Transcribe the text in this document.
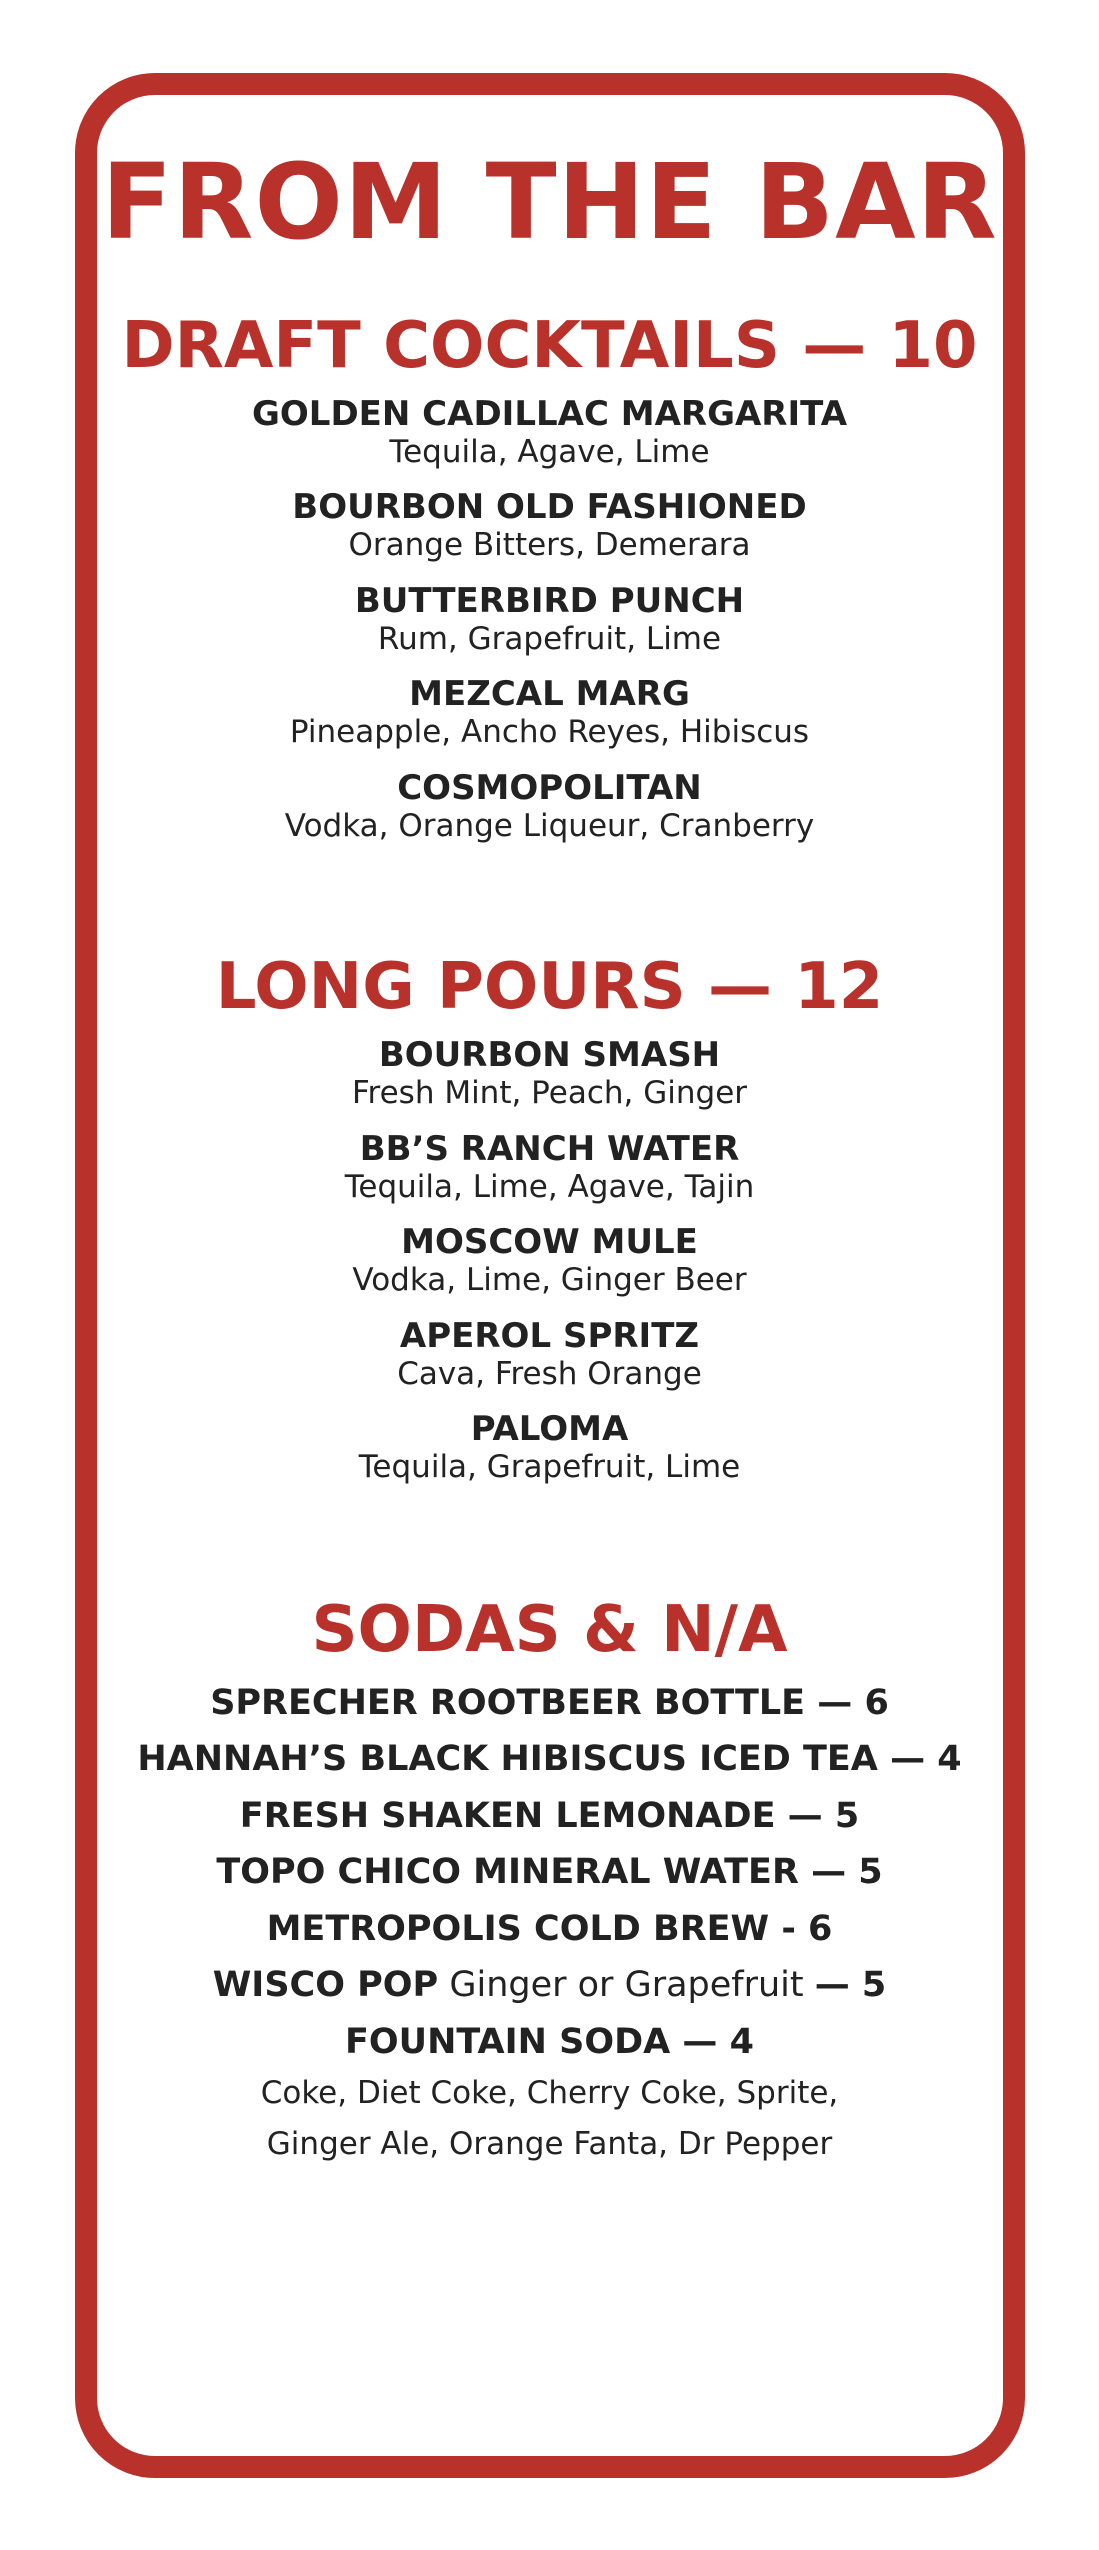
FROM THE BAR
DRAFT COCKTAILS — 10
GOLDEN CADILLAC MARGARITA
Tequila, Agave, Lime
BOURBON OLD FASHIONED
Orange Bitters, Demerara
BUTTERBIRD PUNCH
Rum, Grapefruit, Lime
MEZCAL MARG
Pineapple, Ancho Reyes, Hibiscus
COSMOPOLITAN
Vodka, Orange Liqueur, Cranberry
LONG POURS — 12
BOURBON SMASH
Fresh Mint, Peach, Ginger
BB’S RANCH WATER
Tequila, Lime, Agave, Tajin
MOSCOW MULE
Vodka, Lime, Ginger Beer
APEROL SPRITZ
Cava, Fresh Orange
PALOMA
Tequila, Grapefruit, Lime
SODAS & N/A
SPRECHER ROOTBEER BOTTLE — 6
HANNAH’S BLACK HIBISCUS ICED TEA — 4
FRESH SHAKEN LEMONADE — 5
TOPO CHICO MINERAL WATER — 5
METROPOLIS COLD BREW - 6
WISCO POP Ginger or Grapefruit — 5
FOUNTAIN SODA — 4
Coke, Diet Coke, Cherry Coke, Sprite,
Ginger Ale, Orange Fanta, Dr Pepper
